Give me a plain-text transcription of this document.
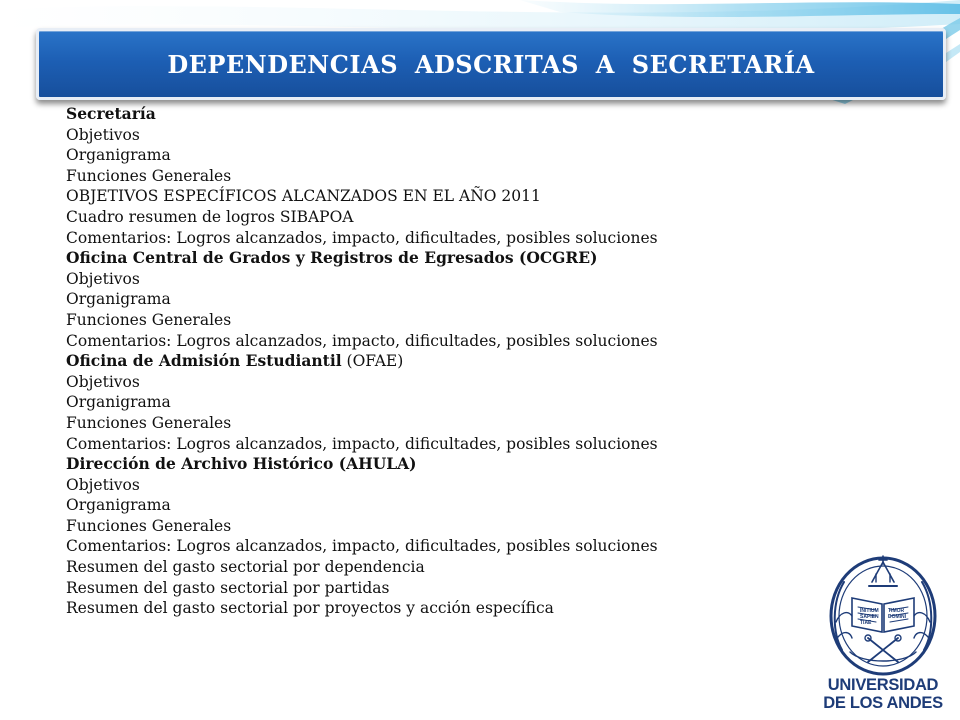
DEPENDENCIAS ADSCRITAS A SECRETARÍA
Secretaría
Objetivos
Organigrama
Funciones Generales
OBJETIVOS ESPECÍFICOS ALCANZADOS EN EL AÑO 2011
Cuadro resumen de logros SIBAPOA
Comentarios: Logros alcanzados, impacto, dificultades, posibles soluciones
Oficina Central de Grados y Registros de Egresados (OCGRE)
Objetivos
Organigrama
Funciones Generales
Comentarios: Logros alcanzados, impacto, dificultades, posibles soluciones
Oficina de Admisión Estudiantil (OFAE)
Objetivos
Organigrama
Funciones Generales
Comentarios: Logros alcanzados, impacto, dificultades, posibles soluciones
Dirección de Archivo Histórico (AHULA)
Objetivos
Organigrama
Funciones Generales
Comentarios: Logros alcanzados, impacto, dificultades, posibles soluciones
Resumen del gasto sectorial por dependencia
Resumen del gasto sectorial por partidas
Resumen del gasto sectorial por proyectos y acción específica	INITIUM SAPIEN TIAE
TIMOR DOMINI
UNIVERSIDAD
DE LOS ANDES
